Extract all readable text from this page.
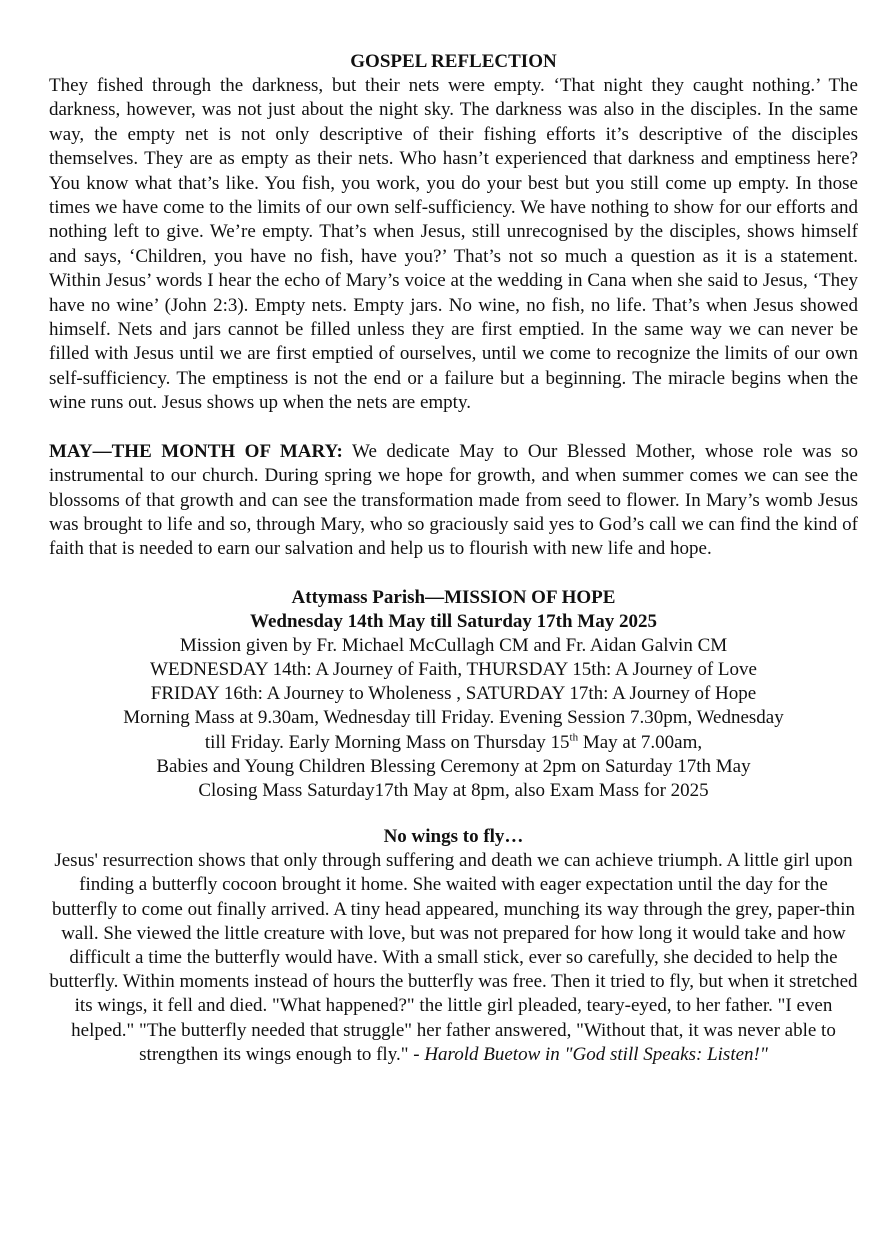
GOSPEL REFLECTION

They fished through the darkness, but their nets were empty. ‘That night they caught nothing.’ The darkness, however, was not just about the night sky. The darkness was also in the disciples. In the same way, the empty net is not only descriptive of their fishing efforts it’s descriptive of the disciples themselves. They are as empty as their nets. Who hasn’t experienced that darkness and emptiness here? You know what that’s like. You fish, you work, you do your best but you still come up empty. In those times we have come to the limits of our own self-sufficiency. We have nothing to show for our efforts and nothing left to give. We’re empty. That’s when Jesus, still unrecognised by the disciples, shows himself and says, ‘Children, you have no fish, have you?’ That’s not so much a question as it is a statement. Within Jesus’ words I hear the echo of Mary’s voice at the wedding in Cana when she said to Jesus, ‘They have no wine’ (John 2:3). Empty nets. Empty jars. No wine, no fish, no life. That’s when Jesus showed himself. Nets and jars cannot be filled unless they are first emptied. In the same way we can never be filled with Jesus until we are first emptied of ourselves, until we come to recognize the limits of our own self-sufficiency. The emptiness is not the end or a failure but a beginning. The miracle begins when the wine runs out. Jesus shows up when the nets are empty.

MAY—THE MONTH OF MARY: We dedicate May to Our Blessed Mother, whose role was so instrumental to our church. During spring we hope for growth, and when summer comes we can see the blossoms of that growth and can see the transformation made from seed to flower. In Mary’s womb Jesus was brought to life and so, through Mary, who so graciously said yes to God’s call we can find the kind of faith that is needed to earn our salvation and help us to flourish with new life and hope.

Attymass Parish—MISSION OF HOPE
Wednesday 14th May till Saturday 17th May 2025

Mission given by Fr. Michael McCullagh CM and Fr. Aidan Galvin CM

WEDNESDAY 14th: A Journey of Faith, THURSDAY 15th: A Journey of Love

FRIDAY 16th: A Journey to Wholeness , SATURDAY 17th: A Journey of Hope

Morning Mass at 9.30am, Wednesday till Friday. Evening Session 7.30pm, Wednesday

till Friday. Early Morning Mass on Thursday 15th May at 7.00am,

Babies and Young Children Blessing Ceremony at 2pm on Saturday 17th May

Closing Mass Saturday17th May at 8pm, also Exam Mass for 2025

No wings to fly…

Jesus' resurrection shows that only through suffering and death we can achieve triumph. A little girl upon finding a butterfly cocoon brought it home. She waited with eager expectation until the day for the butterfly to come out finally arrived. A tiny head appeared, munching its way through the grey, paper-thin wall. She viewed the little creature with love, but was not prepared for how long it would take and how difficult a time the butterfly would have. With a small stick, ever so carefully, she decided to help the butterfly. Within moments instead of hours the butterfly was free. Then it tried to fly, but when it stretched its wings, it fell and died. "What happened?" the little girl pleaded, teary-eyed, to her father. "I even helped." "The butterfly needed that struggle" her father answered, "Without that, it was never able to strengthen its wings enough to fly." - Harold Buetow in "God still Speaks: Listen!"
